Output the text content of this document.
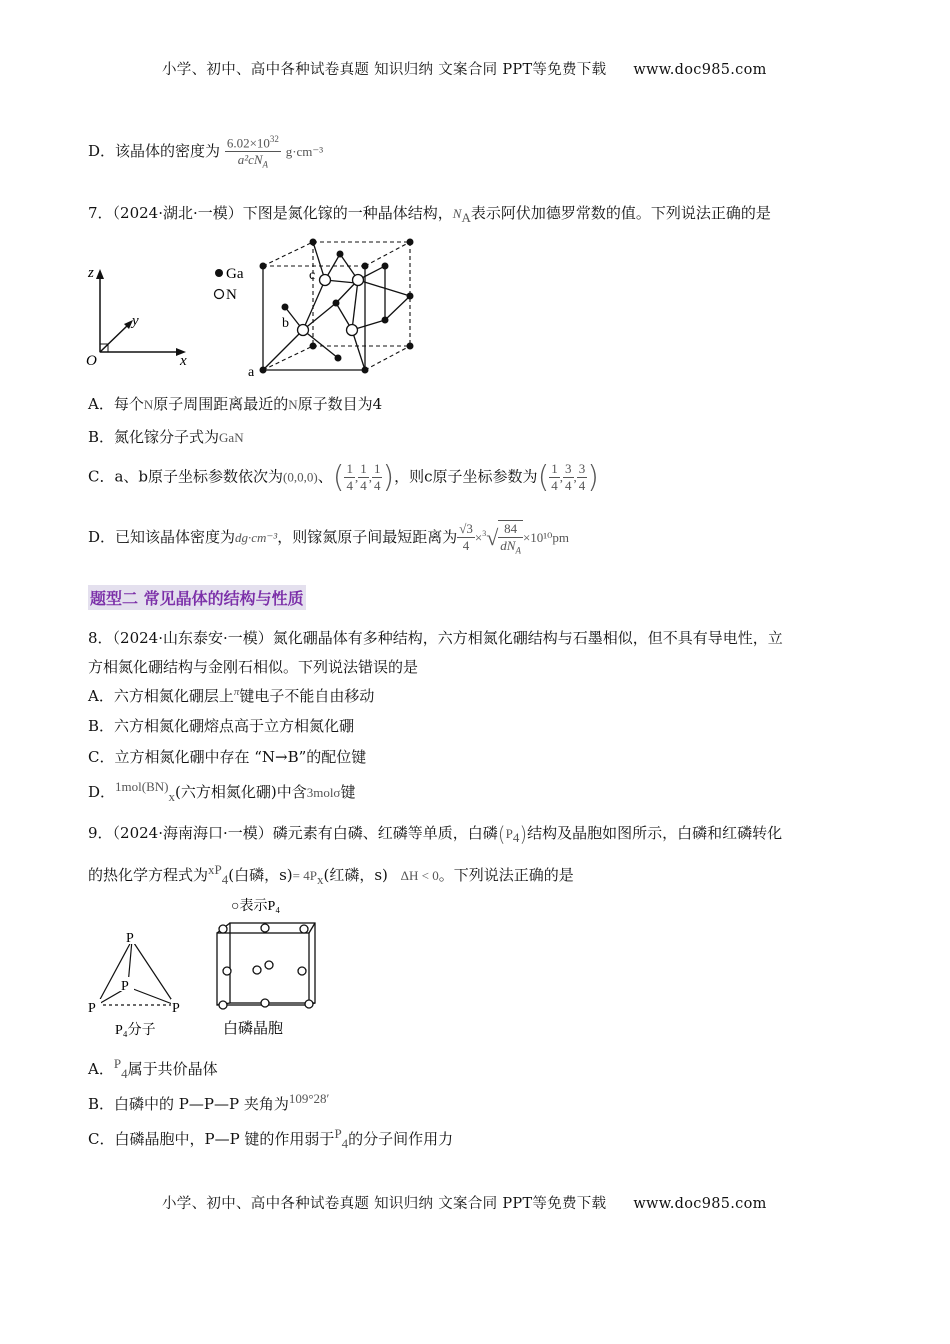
小学、初中、高中各种试卷真题 知识归纳 文案合同 PPT等免费下载 www.doc985.com
D．该晶体的密度为 $\frac{6.02\times 10^{32}}{a^2cN_A} g\cdot cm^{-3}$
7．（2024·湖北·一模）下图是氮化镓的一种晶体结构，$N_A$表示阿伏加德罗常数的值。下列说法正确的是
z
y
x
O
Ga
N
a
b
c
A．每个N原子周围距离最近的N原子数目为4
B．氮化镓分子式为GaN
C．a、b原子坐标参数依次为(0,0,0)、( $\frac{1}{4}$ , $\frac{1}{4}$ , $\frac{1}{4}$ )，则c原子坐标参数为( $\frac{1}{4}$ , $\frac{3}{4}$ , $\frac{3}{4}$ )
D．已知该晶体密度为dg·cm⁻³，则镓氮原子间最短距离为 $\frac{√3}{4} \times^3√ \frac{84}{dN_A} \times 10^{10}pm$
题型二 常见晶体的结构与性质
8．（2024·山东泰安·一模）氮化硼晶体有多种结构，六方相氮化硼结构与石墨相似，但不具有导电性，立
方相氮化硼结构与金刚石相似。下列说法错误的是
A．六方相氮化硼层上$^\pi$键电子不能自由移动
B．六方相氮化硼熔点高于立方相氮化硼
C．立方相氮化硼中存在 “N→B”的配位键
D．$1mol(BN)_x$(六方相氮化硼)中含3molσ键
9．（2024·海南海口·一模）磷元素有白磷、红磷等单质，白磷$(P_4)$结构及晶胞如图所示，白磷和红磷转化
的热化学方程式为$xP_4$(白磷，$s)= 4P_x$(红磷，s) ΔH < 0。下列说法正确的是
P
P
P	P
P₄分子
○表示P₄
白磷晶胞
A．$P_4$属于共价晶体
B．白磷中的 P—P—P 夹角为109°28′
C．白磷晶胞中，P—P 键的作用弱于$P_4$的分子间作用力
小学、初中、高中各种试卷真题 知识归纳 文案合同 PPT等免费下载 www.doc985.com
